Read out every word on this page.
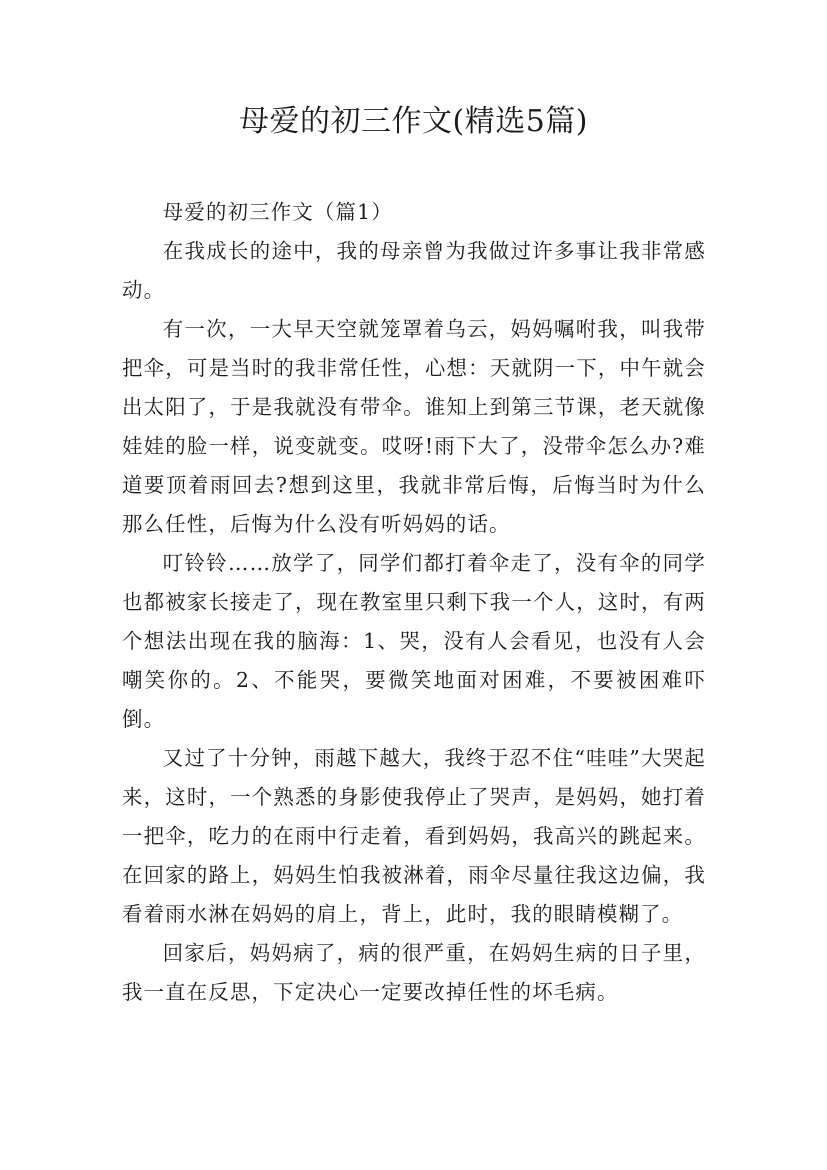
母爱的初三作文(精选5篇)

母爱的初三作文（篇1）

在我成长的途中，我的母亲曾为我做过许多事让我非常感动。

有一次，一大早天空就笼罩着乌云，妈妈嘱咐我，叫我带把伞，可是当时的我非常任性，心想：天就阴一下，中午就会出太阳了，于是我就没有带伞。谁知上到第三节课，老天就像娃娃的脸一样，说变就变。哎呀!雨下大了，没带伞怎么办?难道要顶着雨回去?想到这里，我就非常后悔，后悔当时为什么那么任性，后悔为什么没有听妈妈的话。

叮铃铃……放学了，同学们都打着伞走了，没有伞的同学也都被家长接走了，现在教室里只剩下我一个人，这时，有两个想法出现在我的脑海：1、哭，没有人会看见，也没有人会嘲笑你的。2、不能哭，要微笑地面对困难，不要被困难吓倒。

又过了十分钟，雨越下越大，我终于忍不住“哇哇”大哭起来，这时，一个熟悉的身影使我停止了哭声，是妈妈，她打着一把伞，吃力的在雨中行走着，看到妈妈，我高兴的跳起来。在回家的路上，妈妈生怕我被淋着，雨伞尽量往我这边偏，我看着雨水淋在妈妈的肩上，背上，此时，我的眼睛模糊了。

回家后，妈妈病了，病的很严重，在妈妈生病的日子里，我一直在反思，下定决心一定要改掉任性的坏毛病。
